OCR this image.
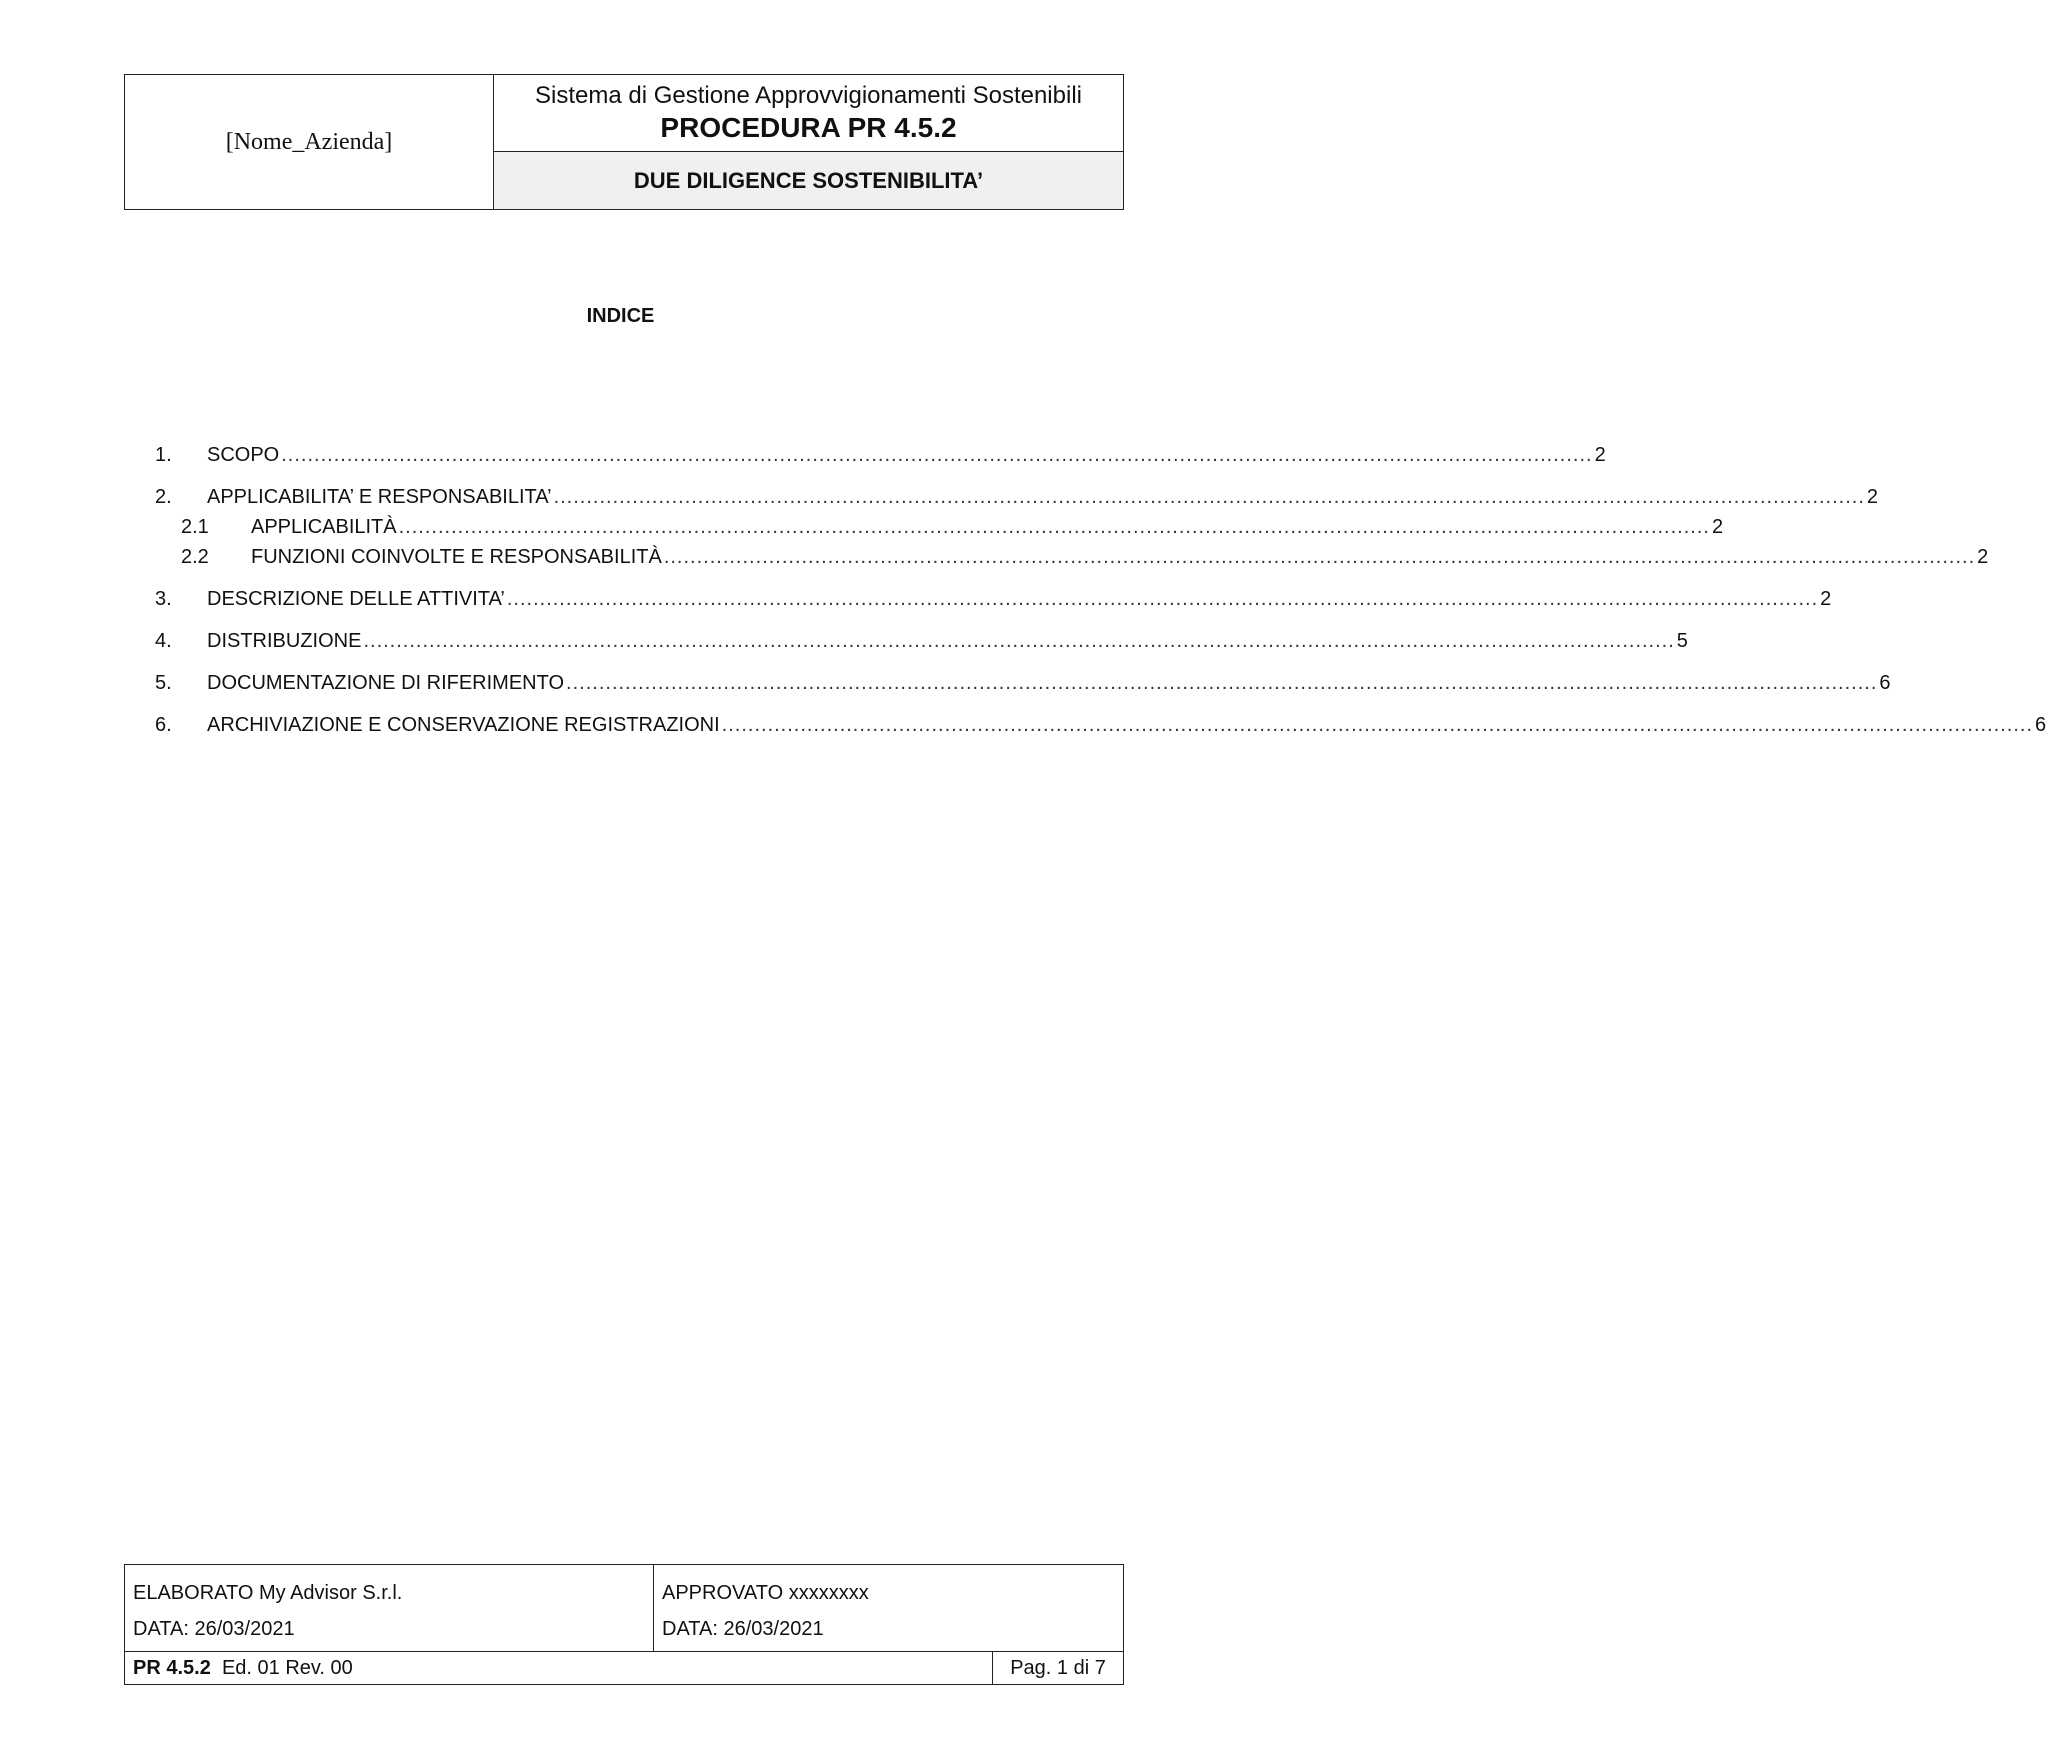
[Nome_Azienda]
Sistema di Gestione Approvvigionamenti Sostenibili
PROCEDURA PR 4.5.2
DUE DILIGENCE SOSTENIBILITA’
INDICE
1.	SCOPO ........................................................................................................................................................................................................ 2
2.	APPLICABILITA’ E RESPONSABILITA’ ........................................................................................................................................................................................................ 2
2.1	APPLICABILITÀ ........................................................................................................................................................................................................ 2
2.2	FUNZIONI COINVOLTE E RESPONSABILITÀ ........................................................................................................................................................................................................ 2
3.	DESCRIZIONE DELLE ATTIVITA’ ........................................................................................................................................................................................................ 2
4.	DISTRIBUZIONE ........................................................................................................................................................................................................ 5
5.	DOCUMENTAZIONE DI RIFERIMENTO ........................................................................................................................................................................................................ 6
6.	ARCHIVIAZIONE E CONSERVAZIONE REGISTRAZIONI ........................................................................................................................................................................................................ 6
ELABORATO My Advisor S.r.l.
DATA: 26/03/2021
APPROVATO xxxxxxxx
DATA: 26/03/2021
PR 4.5.2 Ed. 01 Rev. 00	Pag. 1 di 7
